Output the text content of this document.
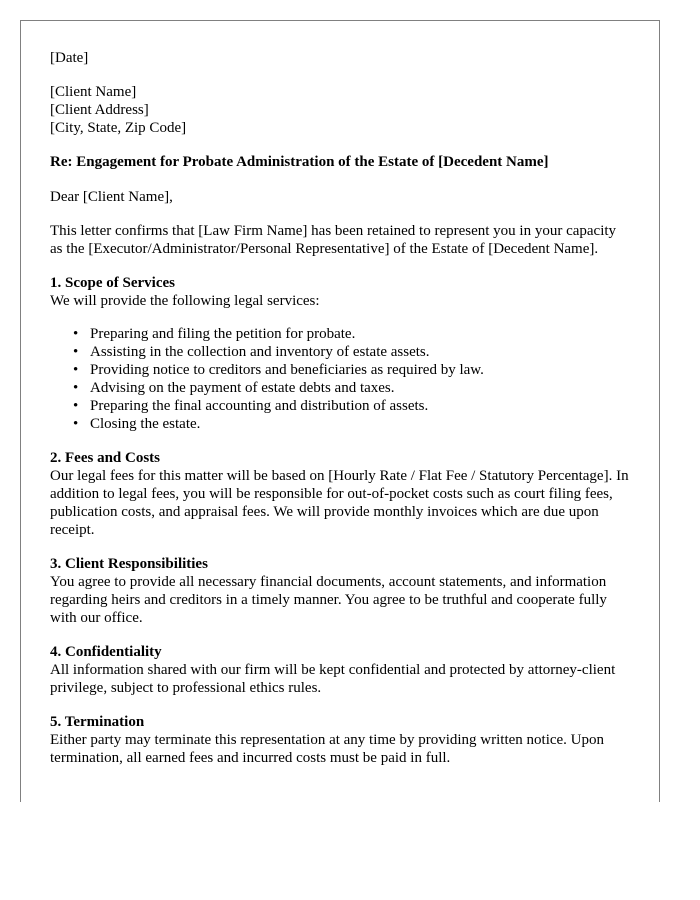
[Date]

[Client Name]
[Client Address]
[City, State, Zip Code]

Re: Engagement for Probate Administration of the Estate of [Decedent Name]

Dear [Client Name],

This letter confirms that [Law Firm Name] has been retained to represent you in your capacity as the [Executor/Administrator/Personal Representative] of the Estate of [Decedent Name].

1. Scope of Services
We will provide the following legal services:
• Preparing and filing the petition for probate.
• Assisting in the collection and inventory of estate assets.
• Providing notice to creditors and beneficiaries as required by law.
• Advising on the payment of estate debts and taxes.
• Preparing the final accounting and distribution of assets.
• Closing the estate.
2. Fees and Costs
Our legal fees for this matter will be based on [Hourly Rate / Flat Fee / Statutory Percentage]. In addition to legal fees, you will be responsible for out-of-pocket costs such as court filing fees, publication costs, and appraisal fees. We will provide monthly invoices which are due upon receipt.
3. Client Responsibilities
You agree to provide all necessary financial documents, account statements, and information regarding heirs and creditors in a timely manner. You agree to be truthful and cooperate fully with our office.
4. Confidentiality
All information shared with our firm will be kept confidential and protected by attorney-client privilege, subject to professional ethics rules.
5. Termination
Either party may terminate this representation at any time by providing written notice. Upon termination, all earned fees and incurred costs must be paid in full.
